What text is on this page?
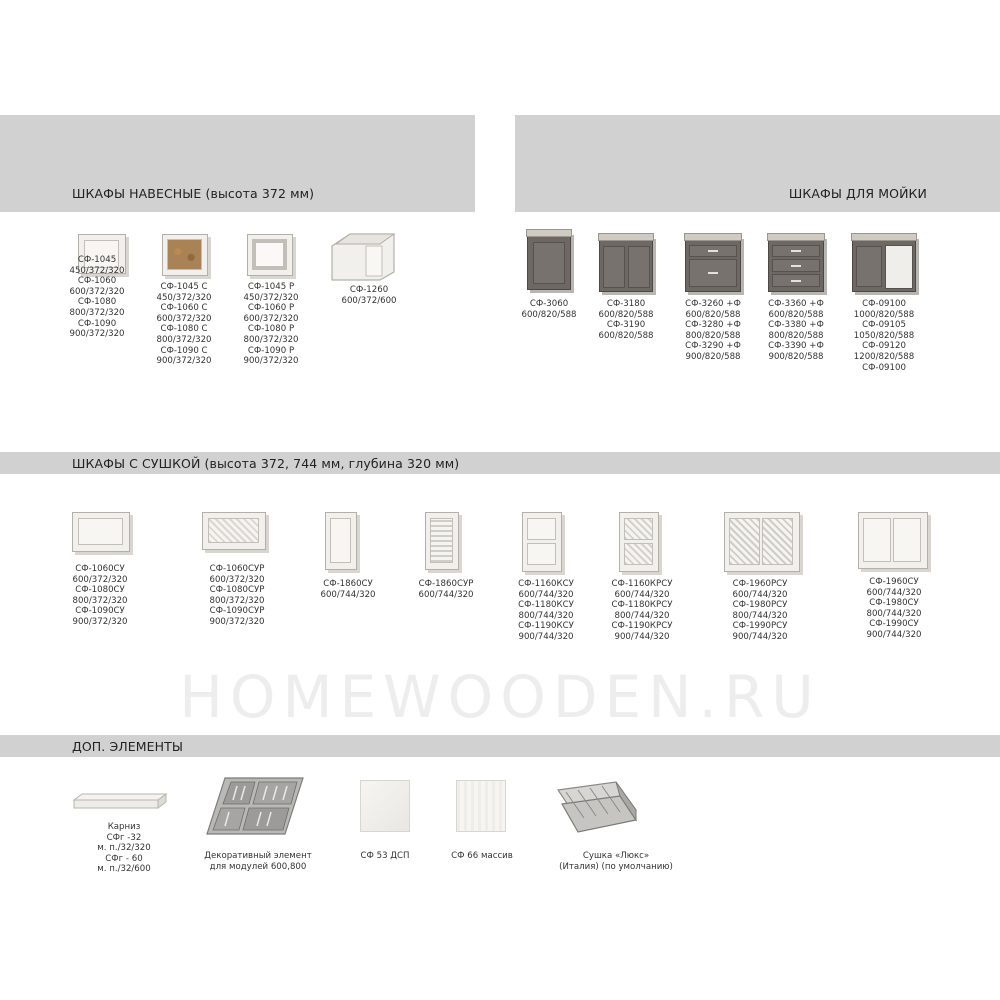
ШКАФЫ НАВЕСНЫЕ (высота 372 мм)	ШКАФЫ ДЛЯ МОЙКИ
ШКАФЫ С СУШКОЙ (высота 372, 744 мм, глубина 320 мм)
ДОП. ЭЛЕМЕНТЫ
HOMEWOODEN.RU
СФ-1045
450/372/320
СФ-1060
600/372/320
СФ-1080
800/372/320
СФ-1090
900/372/320
СФ-1045 С
450/372/320
СФ-1060 С
600/372/320
СФ-1080 С
800/372/320
СФ-1090 С
900/372/320
СФ-1045 Р
450/372/320
СФ-1060 Р
600/372/320
СФ-1080 Р
800/372/320
СФ-1090 Р
900/372/320
СФ-1260
600/372/600	СФ-3060
600/820/588
СФ-3180
600/820/588
СФ-3190
600/820/588
СФ-3260 +Ф
600/820/588
СФ-3280 +Ф
800/820/588
СФ-3290 +Ф
900/820/588
СФ-3360 +Ф
600/820/588
СФ-3380 +Ф
800/820/588
СФ-3390 +Ф
900/820/588
СФ-09100
1000/820/588
СФ-09105
1050/820/588
СФ-09120
1200/820/588
СФ-09100
СФ-1060СУ
600/372/320
СФ-1080СУ
800/372/320
СФ-1090СУ
900/372/320
СФ-1060СУР
600/372/320
СФ-1080СУР
800/372/320
СФ-1090СУР
900/372/320
СФ-1860СУ
600/744/320
СФ-1860СУР
600/744/320
СФ-1160КСУ
600/744/320
СФ-1180КСУ
800/744/320
СФ-1190КСУ
900/744/320
СФ-1160КРСУ
600/744/320
СФ-1180КРСУ
800/744/320
СФ-1190КРСУ
900/744/320
СФ-1960РСУ
600/744/320
СФ-1980РСУ
800/744/320
СФ-1990РСУ
900/744/320
СФ-1960СУ
600/744/320
СФ-1980СУ
800/744/320
СФ-1990СУ
900/744/320
Карниз
СФг -32
м. п./32/320
СФг - 60
м. п./32/600
Декоративный элемент
для модулей 600,800
СФ 53 ДСП	СФ 66 массив	Сушка «Люкс»
(Италия) (по умолчанию)
